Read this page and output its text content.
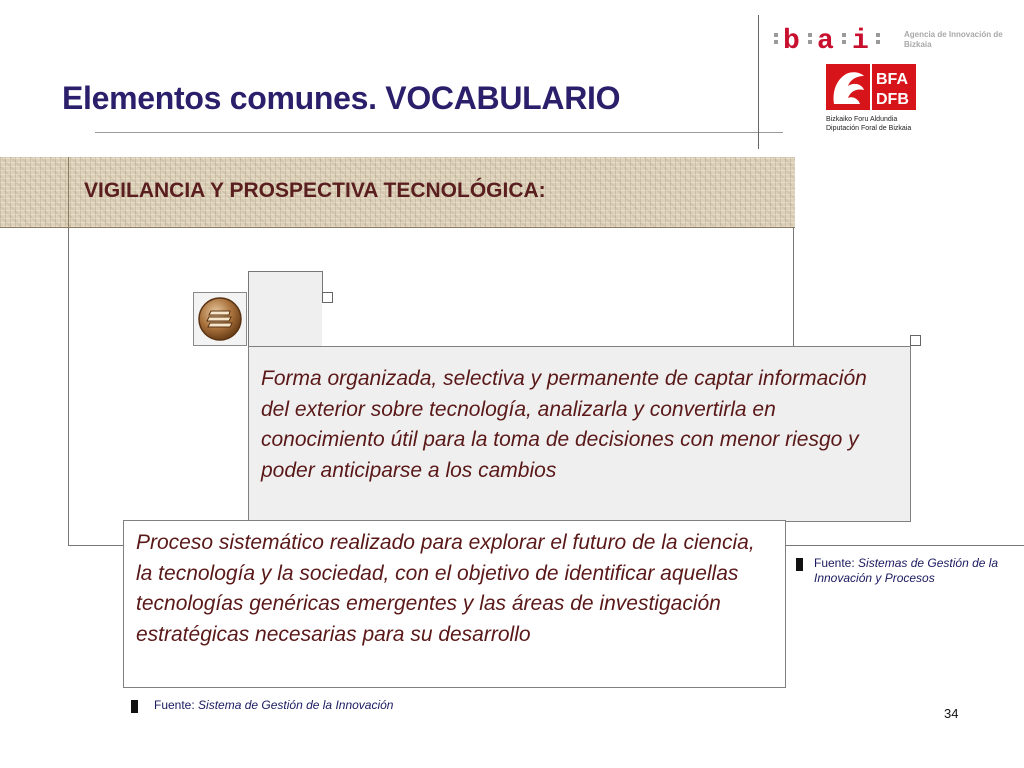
Elementos comunes. VOCABULARIO
b a i	Agencia de Innovación de Bizkaia
BFA
DFB
Bizkaiko Foru Aldundia
Diputación Foral de Bizkaia
VIGILANCIA Y PROSPECTIVA TECNOLÓGICA:

Forma organizada, selectiva y permanente de captar información del exterior sobre tecnología, analizarla y convertirla en conocimiento útil para la toma de decisiones con menor riesgo y poder anticiparse a los cambios

Proceso sistemático realizado para explorar el futuro de la ciencia, la tecnología y la sociedad, con el objetivo de identificar aquellas tecnologías genéricas emergentes y las áreas de investigación estratégicas necesarias para su desarrollo

Fuente: Sistemas de Gestión de la Innovación y Procesos
Fuente: Sistema de Gestión de la Innovación
34
